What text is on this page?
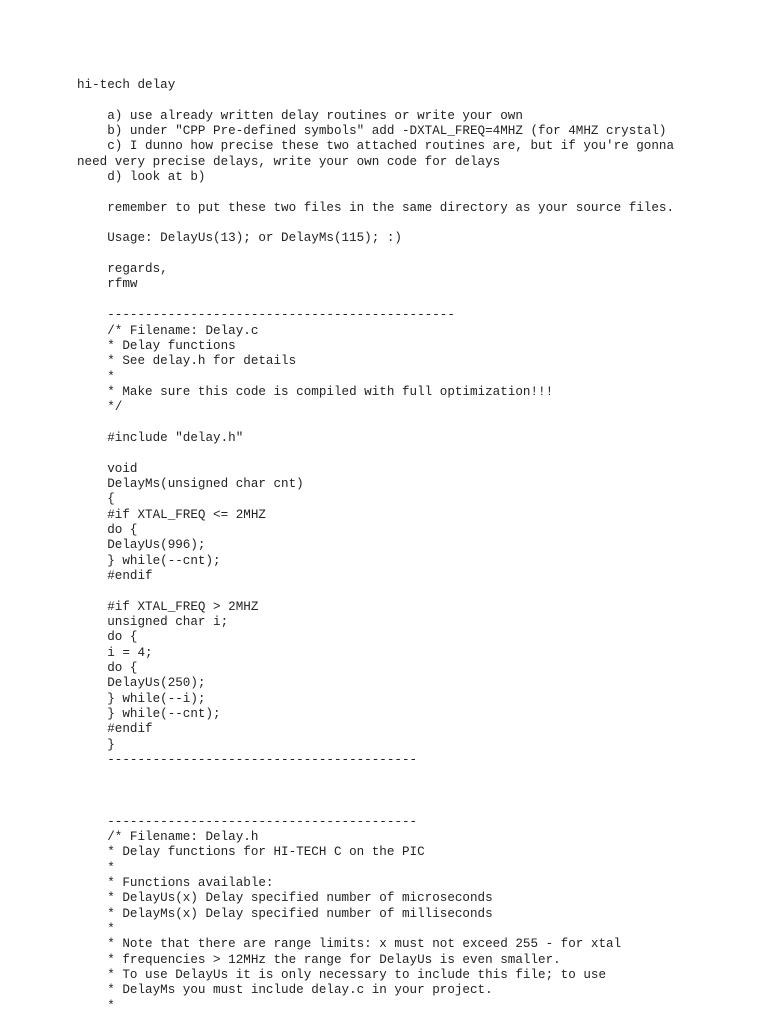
hi-tech delay
a) use already written delay routines or write your own
b) under "CPP Pre-defined symbols" add -DXTAL_FREQ=4MHZ (for 4MHZ crystal)
c) I dunno how precise these two attached routines are, but if you're gonna
need very precise delays, write your own code for delays
d) look at b)
remember to put these two files in the same directory as your source files.
Usage: DelayUs(13); or DelayMs(115); :)
regards,
rfmw
----------------------------------------------
/* Filename: Delay.c
* Delay functions
* See delay.h for details
*
* Make sure this code is compiled with full optimization!!!
*/
#include "delay.h"
void
DelayMs(unsigned char cnt)
{
#if XTAL_FREQ <= 2MHZ
do {
DelayUs(996);
} while(--cnt);
#endif
#if XTAL_FREQ > 2MHZ
unsigned char i;
do {
i = 4;
do {
DelayUs(250);
} while(--i);
} while(--cnt);
#endif
}
-----------------------------------------
-----------------------------------------
/* Filename: Delay.h
* Delay functions for HI-TECH C on the PIC
*
* Functions available:
* DelayUs(x) Delay specified number of microseconds
* DelayMs(x) Delay specified number of milliseconds
*
* Note that there are range limits: x must not exceed 255 - for xtal
* frequencies > 12MHz the range for DelayUs is even smaller.
* To use DelayUs it is only necessary to include this file; to use
* DelayMs you must include delay.c in your project.
*
